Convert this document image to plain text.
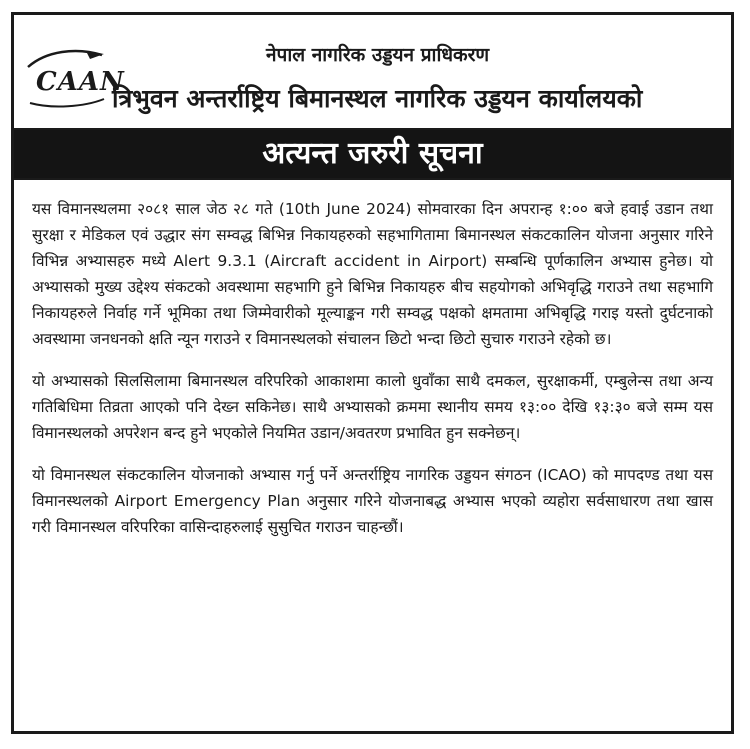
CAAN
नेपाल नागरिक उड्डयन प्राधिकरण
त्रिभुवन अन्तर्राष्ट्रिय बिमानस्थल नागरिक उड्डयन कार्यालयको
अत्यन्त जरुरी सूचना

यस विमानस्थलमा २०८१ साल जेठ २८ गते (10th June 2024) सोमवारका दिन अपरान्ह १:०० बजे हवाई उडान तथा सुरक्षा र मेडिकल एवं उद्धार संग सम्वद्ध बिभिन्न निकायहरुको सहभागितामा बिमानस्थल संकटकालिन योजना अनुसार गरिने विभिन्न अभ्यासहरु मध्ये Alert 9.3.1 (Aircraft accident in Airport) सम्बन्धि पूर्णकालिन अभ्यास हुनेछ। यो अभ्यासको मुख्य उद्देश्य संकटको अवस्थामा सहभागि हुने बिभिन्न निकायहरु बीच सहयोगको अभिवृद्धि गराउने तथा सहभागि निकायहरुले निर्वाह गर्ने भूमिका तथा जिम्मेवारीको मूल्याङ्कन गरी सम्वद्ध पक्षको क्षमतामा अभिबृद्धि गराइ यस्तो दुर्घटनाको अवस्थामा जनधनको क्षति न्यून गराउने र विमानस्थलको संचालन छिटो भन्दा छिटो सुचारु गराउने रहेको छ।

यो अभ्यासको सिलसिलामा बिमानस्थल वरिपरिको आकाशमा कालो धुवाँका साथै दमकल, सुरक्षाकर्मी, एम्बुलेन्स तथा अन्य गतिबिधिमा तिव्रता आएको पनि देख्न सकिनेछ। साथै अभ्यासको क्रममा स्थानीय समय १३:०० देखि १३:३० बजे सम्म यस विमानस्थलको अपरेशन बन्द हुने भएकोले नियमित उडान/अवतरण प्रभावित हुन सक्नेछन्।

यो विमानस्थल संकटकालिन योजनाको अभ्यास गर्नु पर्ने अन्तर्राष्ट्रिय नागरिक उड्डयन संगठन (ICAO) को मापदण्ड तथा यस विमानस्थलको Airport Emergency Plan अनुसार गरिने योजनाबद्ध अभ्यास भएको व्यहोरा सर्वसाधारण तथा खास गरी विमानस्थल वरिपरिका वासिन्दाहरुलाई सुसुचित गराउन चाहन्छौं।
